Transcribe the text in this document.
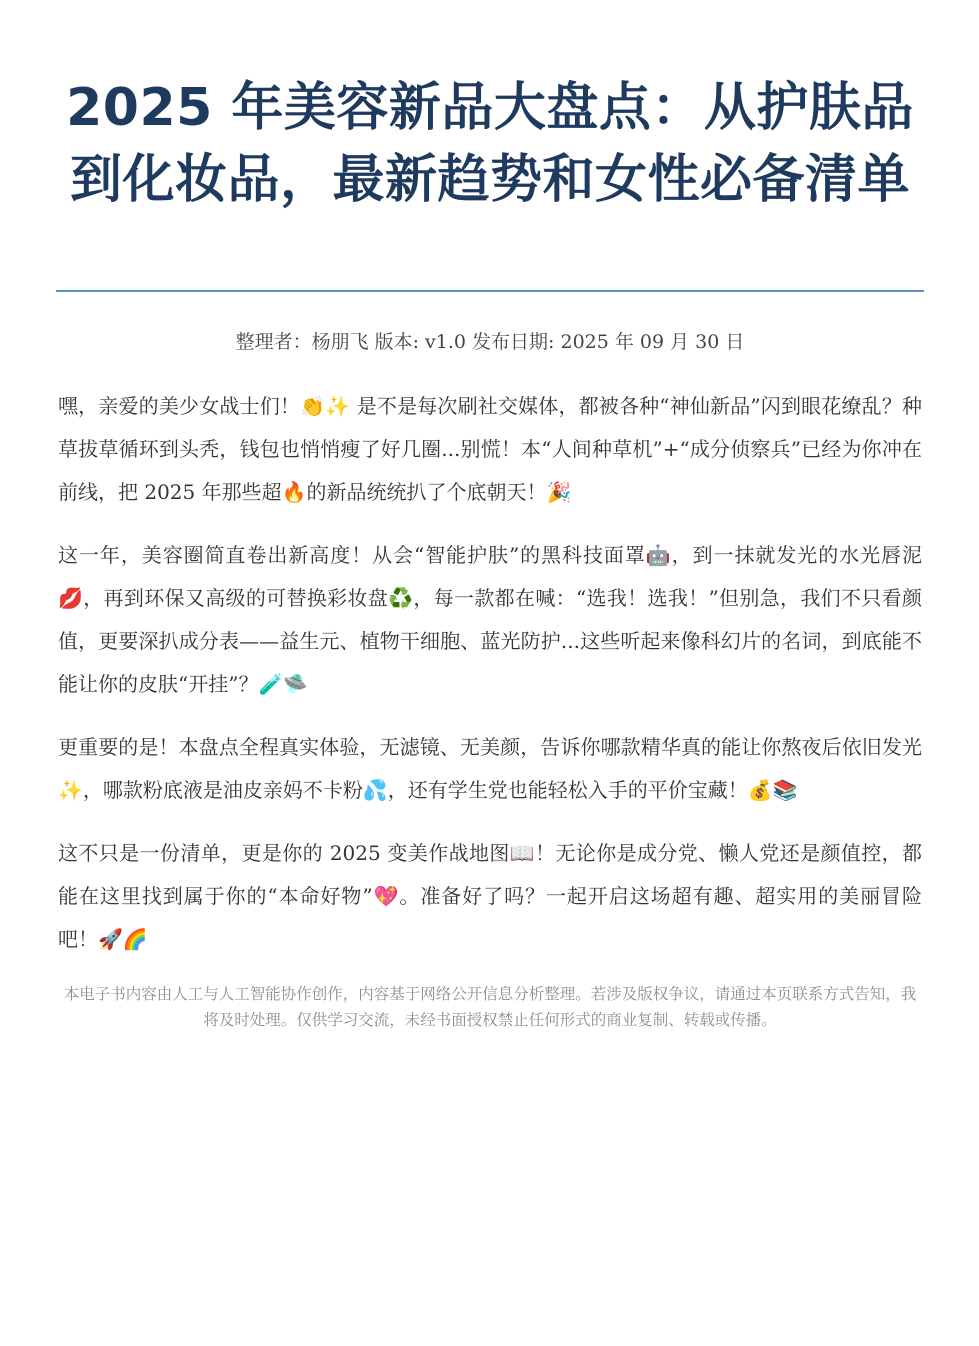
2025 年美容新品大盘点：从护肤品到化妆品，最新趋势和女性必备清单
整理者：杨朋飞 版本: v1.0 发布日期: 2025 年 09 月 30 日

嘿，亲爱的美少女战士们！👏✨ 是不是每次刷社交媒体，都被各种“神仙新品”闪到眼花缭乱？种草拔草循环到头秃，钱包也悄悄瘦了好几圈...别慌！本“人间种草机”+“成分侦察兵”已经为你冲在前线，把 2025 年那些超🔥的新品统统扒了个底朝天！🎉

这一年，美容圈简直卷出新高度！从会“智能护肤”的黑科技面罩🤖，到一抹就发光的水光唇泥💋，再到环保又高级的可替换彩妆盘♻️，每一款都在喊：“选我！选我！”但别急，我们不只看颜值，更要深扒成分表——益生元、植物干细胞、蓝光防护...这些听起来像科幻片的名词，到底能不能让你的皮肤“开挂”？🧪🛸

更重要的是！本盘点全程真实体验，无滤镜、无美颜，告诉你哪款精华真的能让你熬夜后依旧发光✨，哪款粉底液是油皮亲妈不卡粉💦，还有学生党也能轻松入手的平价宝藏！💰📚

这不只是一份清单，更是你的 2025 变美作战地图📖！无论你是成分党、懒人党还是颜值控，都能在这里找到属于你的“本命好物”💖。准备好了吗？一起开启这场超有趣、超实用的美丽冒险吧！🚀🌈

本电子书内容由人工与人工智能协作创作，内容基于网络公开信息分析整理。若涉及版权争议，请通过本页联系方式告知，我将及时处理。仅供学习交流，未经书面授权禁止任何形式的商业复制、转载或传播。
